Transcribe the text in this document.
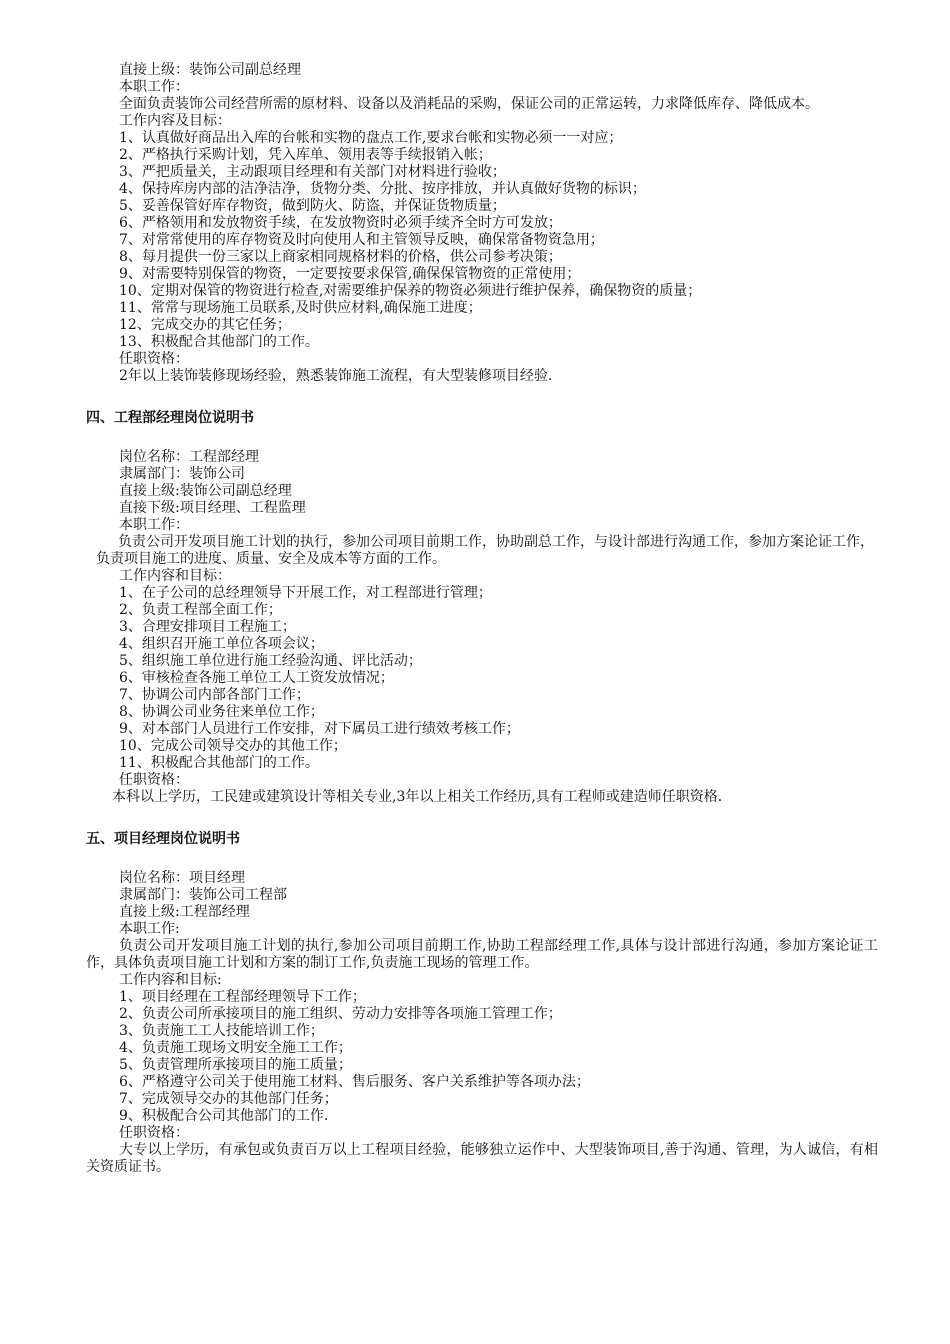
直接上级：装饰公司副总经理
本职工作：
全面负责装饰公司经营所需的原材料、设备以及消耗品的采购，保证公司的正常运转，力求降低库存、降低成本。
工作内容及目标：
1、认真做好商品出入库的台帐和实物的盘点工作,要求台帐和实物必须一一对应；
2、严格执行采购计划，凭入库单、领用表等手续报销入帐；
3、严把质量关，主动跟项目经理和有关部门对材料进行验收；
4、保持库房内部的洁净洁净，货物分类、分批、按序排放，并认真做好货物的标识；
5、妥善保管好库存物资，做到防火、防盗，并保证货物质量；
6、严格领用和发放物资手续，在发放物资时必须手续齐全时方可发放；
7、对常常使用的库存物资及时向使用人和主管领导反映，确保常备物资急用；
8、每月提供一份三家以上商家相同规格材料的价格，供公司参考决策；
9、对需要特别保管的物资，一定要按要求保管,确保保管物资的正常使用；
10、定期对保管的物资进行检查,对需要维护保养的物资必须进行维护保养，确保物资的质量；
11、常常与现场施工员联系,及时供应材料,确保施工进度；
12、完成交办的其它任务；
13、积极配合其他部门的工作。
任职资格：
2年以上装饰装修现场经验，熟悉装饰施工流程，有大型装修项目经验.
四、工程部经理岗位说明书
岗位名称：工程部经理
隶属部门：装饰公司
直接上级:装饰公司副总经理
直接下级:项目经理、工程监理
本职工作：
负责公司开发项目施工计划的执行，参加公司项目前期工作，协助副总工作，与设计部进行沟通工作，参加方案论证工作，负责项目施工的进度、质量、安全及成本等方面的工作。
工作内容和目标：
1、在子公司的总经理领导下开展工作，对工程部进行管理；
2、负责工程部全面工作；
3、合理安排项目工程施工；
4、组织召开施工单位各项会议；
5、组织施工单位进行施工经验沟通、评比活动；
6、审核检查各施工单位工人工资发放情况；
7、协调公司内部各部门工作；
8、协调公司业务往来单位工作；
9、对本部门人员进行工作安排，对下属员工进行绩效考核工作；
10、完成公司领导交办的其他工作；
11、积极配合其他部门的工作。
任职资格：
本科以上学历，工民建或建筑设计等相关专业,3年以上相关工作经历,具有工程师或建造师任职资格.
五、项目经理岗位说明书
岗位名称：项目经理
隶属部门：装饰公司工程部
直接上级:工程部经理
本职工作:
负责公司开发项目施工计划的执行,参加公司项目前期工作,协助工程部经理工作,具体与设计部进行沟通，参加方案论证工作，具体负责项目施工计划和方案的制订工作,负责施工现场的管理工作。
工作内容和目标:
1、项目经理在工程部经理领导下工作；
2、负责公司所承接项目的施工组织、劳动力安排等各项施工管理工作；
3、负责施工工人技能培训工作；
4、负责施工现场文明安全施工工作；
5、负责管理所承接项目的施工质量；
6、严格遵守公司关于使用施工材料、售后服务、客户关系维护等各项办法；
7、完成领导交办的其他部门任务；
9、积极配合公司其他部门的工作.
任职资格：
大专以上学历，有承包或负责百万以上工程项目经验，能够独立运作中、大型装饰项目,善于沟通、管理，为人诚信，有相关资质证书。
